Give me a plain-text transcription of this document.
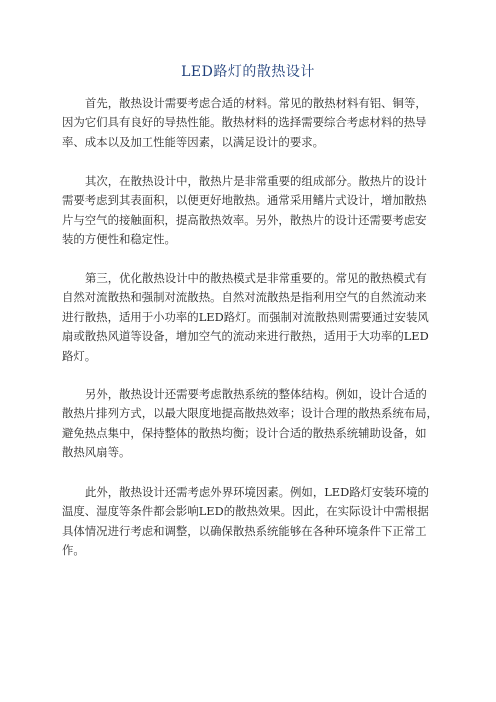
LED路灯的散热设计
首先，散热设计需要考虑合适的材料。常见的散热材料有铝、铜等，
因为它们具有良好的导热性能。散热材料的选择需要综合考虑材料的热导
率、成本以及加工性能等因素，以满足设计的要求。
其次，在散热设计中，散热片是非常重要的组成部分。散热片的设计
需要考虑到其表面积，以便更好地散热。通常采用鳍片式设计，增加散热
片与空气的接触面积，提高散热效率。另外，散热片的设计还需要考虑安
装的方便性和稳定性。
第三，优化散热设计中的散热模式是非常重要的。常见的散热模式有
自然对流散热和强制对流散热。自然对流散热是指利用空气的自然流动来
进行散热，适用于小功率的LED路灯。而强制对流散热则需要通过安装风
扇或散热风道等设备，增加空气的流动来进行散热，适用于大功率的LED
路灯。
另外，散热设计还需要考虑散热系统的整体结构。例如，设计合适的
散热片排列方式，以最大限度地提高散热效率；设计合理的散热系统布局，
避免热点集中，保持整体的散热均衡；设计合适的散热系统辅助设备，如
散热风扇等。
此外，散热设计还需考虑外界环境因素。例如，LED路灯安装环境的
温度、湿度等条件都会影响LED的散热效果。因此，在实际设计中需根据
具体情况进行考虑和调整，以确保散热系统能够在各种环境条件下正常工
作。
